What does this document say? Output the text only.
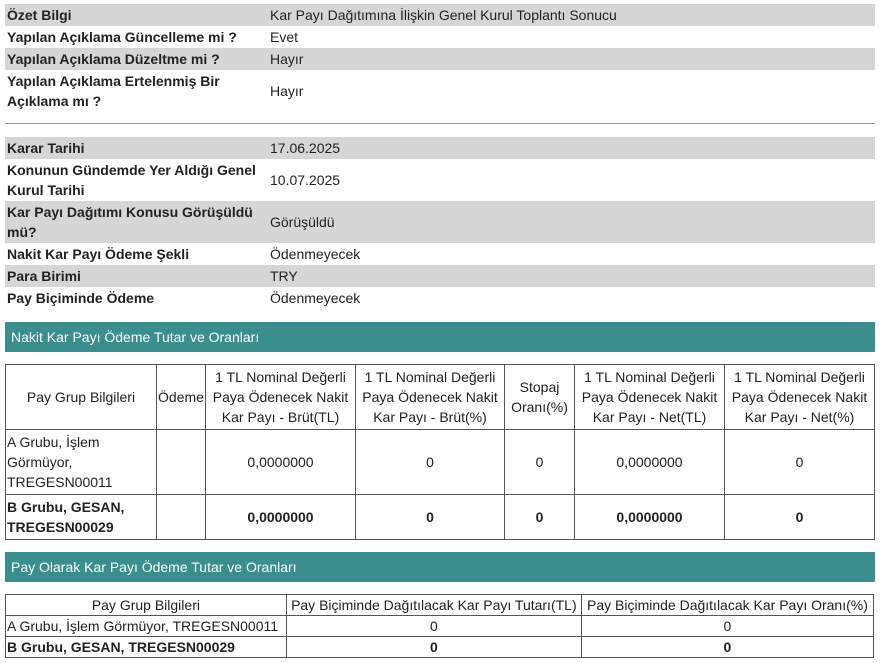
Özet Bilgi	Kar Payı Dağıtımına İlişkin Genel Kurul Toplantı Sonucu
Yapılan Açıklama Güncelleme mi ?	Evet
Yapılan Açıklama Düzeltme mi ?	Hayır
Yapılan Açıklama Ertelenmiş Bir Açıklama mı ?	Hayır
Karar Tarihi	17.06.2025
Konunun Gündemde Yer Aldığı Genel Kurul Tarihi	10.07.2025
Kar Payı Dağıtımı Konusu Görüşüldü mü?	Görüşüldü
Nakit Kar Payı Ödeme Şekli	Ödenmeyecek
Para Birimi	TRY
Pay Biçiminde Ödeme	Ödenmeyecek
Nakit Kar Payı Ödeme Tutar ve Oranları
Pay Grup Bilgileri	Ödeme	1 TL Nominal Değerli Paya Ödenecek Nakit Kar Payı - Brüt(TL)	1 TL Nominal Değerli Paya Ödenecek Nakit Kar Payı - Brüt(%)	Stopaj Oranı(%)	1 TL Nominal Değerli Paya Ödenecek Nakit Kar Payı - Net(TL)	1 TL Nominal Değerli Paya Ödenecek Nakit Kar Payı - Net(%)
A Grubu, İşlem Görmüyor, TREGESN00011		0,0000000	0	0	0,0000000	0
B Grubu, GESAN, TREGESN00029		0,0000000	0	0	0,0000000	0
Pay Olarak Kar Payı Ödeme Tutar ve Oranları
Pay Grup Bilgileri	Pay Biçiminde Dağıtılacak Kar Payı Tutarı(TL)	Pay Biçiminde Dağıtılacak Kar Payı Oranı(%)
A Grubu, İşlem Görmüyor, TREGESN00011	0	0
B Grubu, GESAN, TREGESN00029	0	0
